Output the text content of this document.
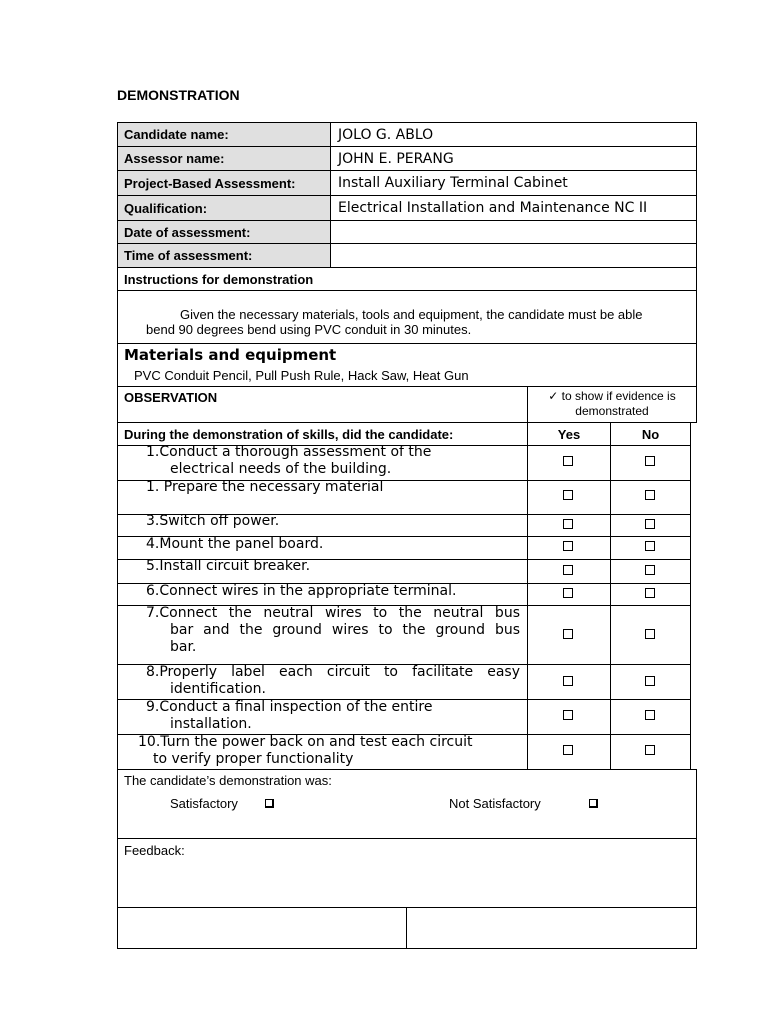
DEMONSTRATION
Candidate name:	JOLO G. ABLO
Assessor name:	JOHN E. PERANG
Project-Based Assessment:	Install Auxiliary Terminal Cabinet
Qualification:	Electrical Installation and Maintenance NC II
Date of assessment:
Time of assessment:
Instructions for demonstration
Given the necessary materials, tools and equipment, the candidate must be able
bend 90 degrees bend using PVC conduit in 30 minutes.
Materials and equipment
PVC Conduit Pencil, Pull Push Rule, Hack Saw, Heat Gun
OBSERVATION	✓ to show if evidence is
demonstrated
During the demonstration of skills, did the candidate:	Yes	No
1.Conduct a thorough assessment of the
electrical needs of the building.
1. Prepare the necessary material
3.Switch off power.
4.Mount the panel board.
5.Install circuit breaker.
6.Connect wires in the appropriate terminal.
7.Connect the neutral wires to the neutral bus
bar and the ground wires to the ground bus
bar.
8.Properly label each circuit to facilitate easy
identification.
9.Conduct a final inspection of the entire
installation.
10.Turn the power back on and test each circuit
to verify proper functionality
The candidate’s demonstration was:
Satisfactory	Not Satisfactory
Feedback:
